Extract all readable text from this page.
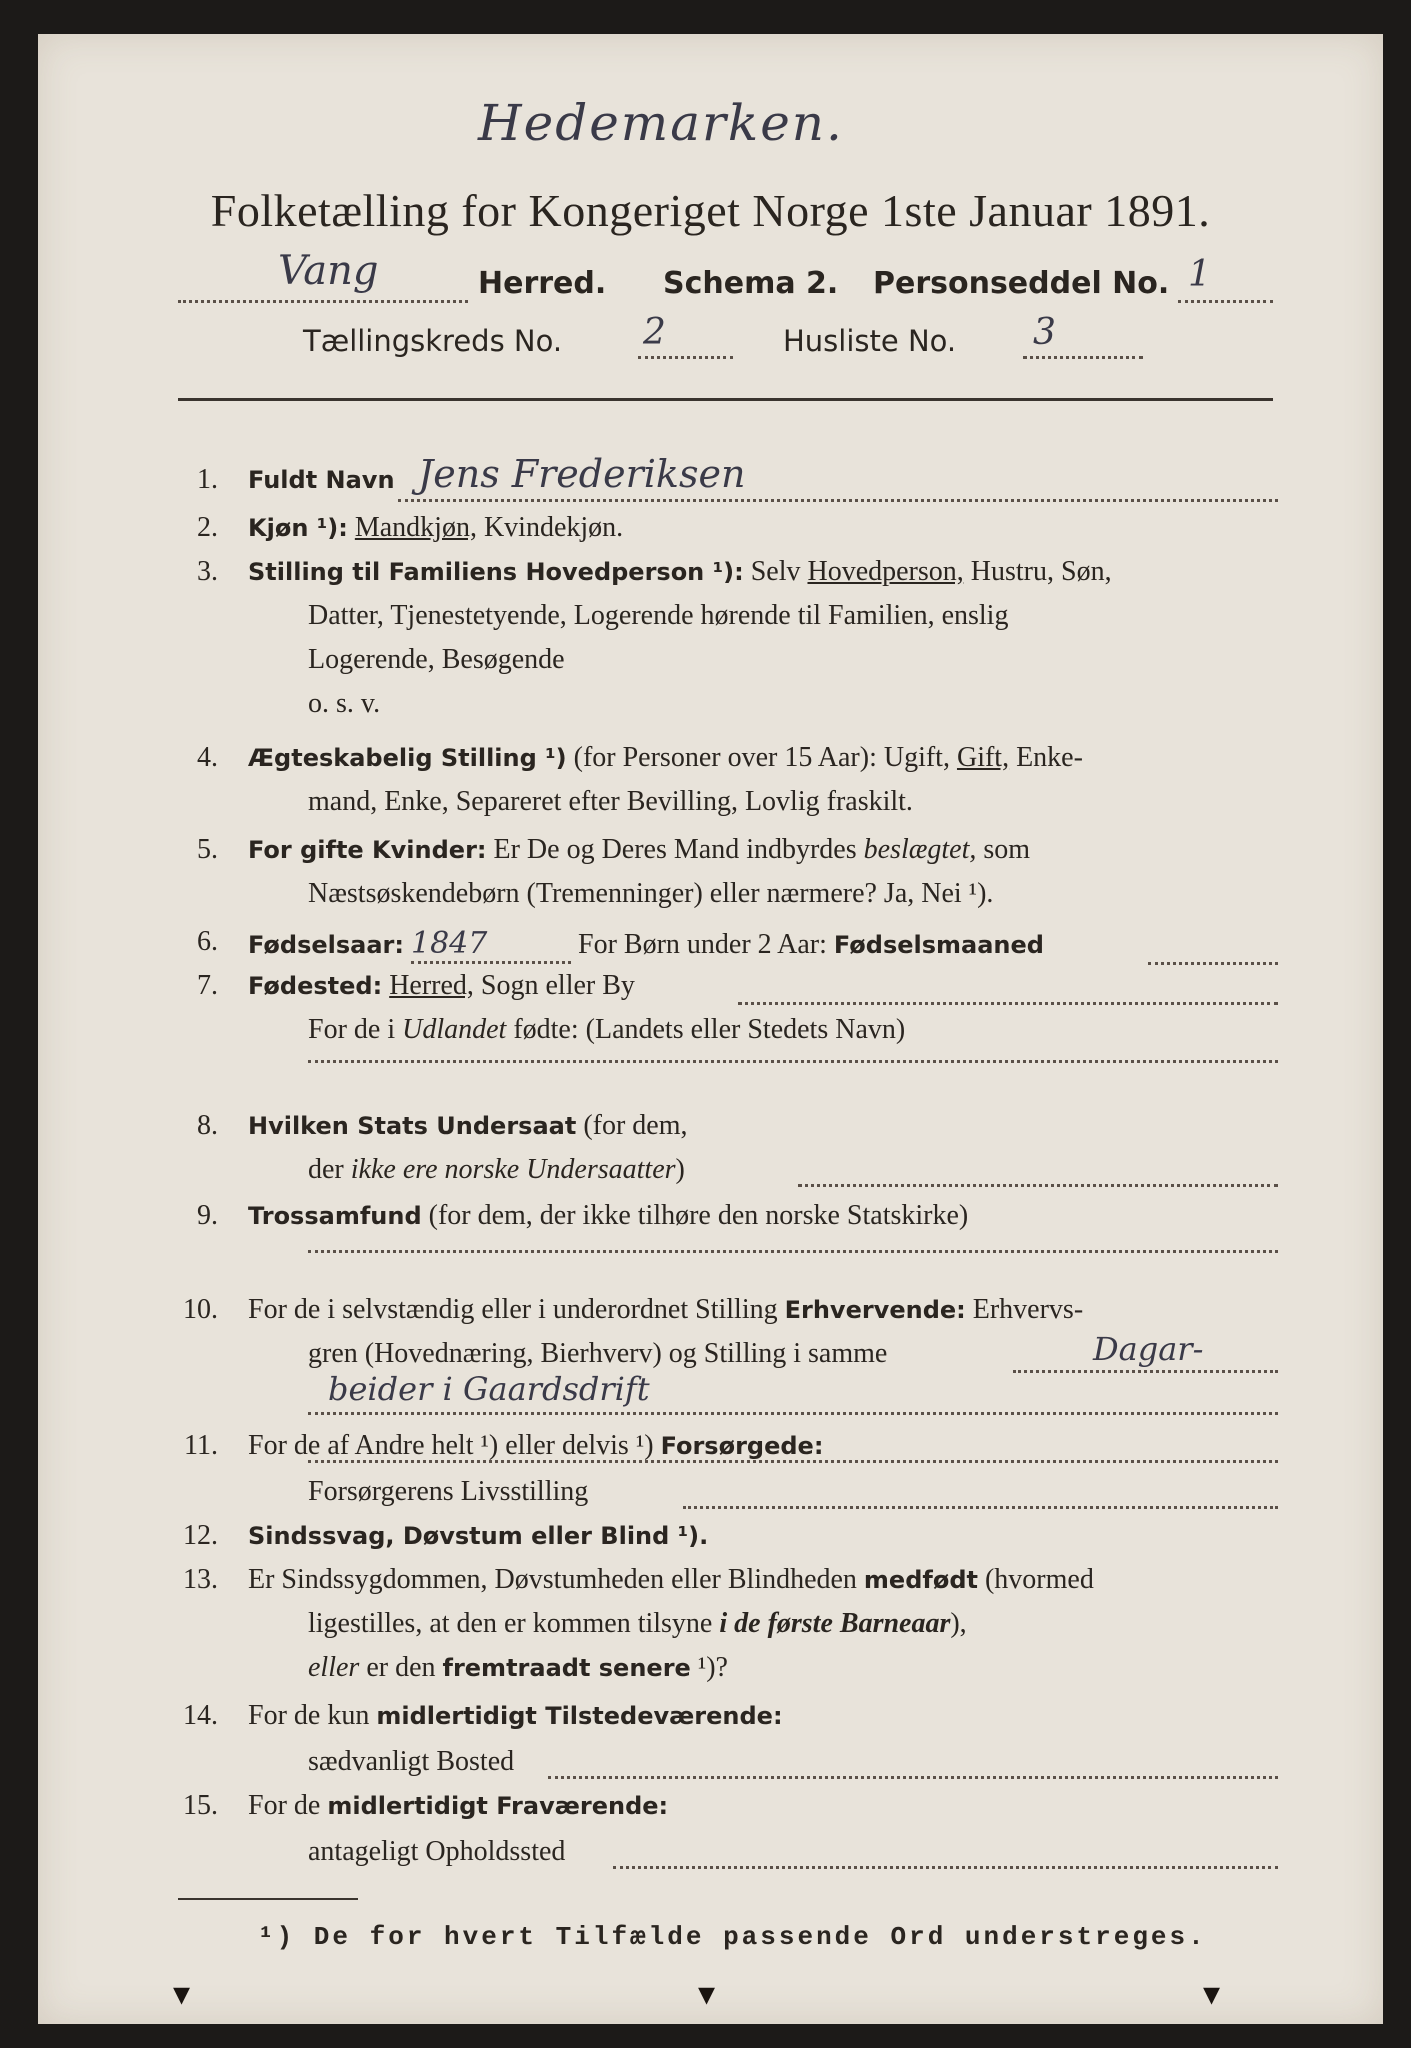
Hedemarken.
Folketælling for Kongeriget Norge 1ste Januar 1891.
Vang	Herred. Schema 2. Personseddel No. 1
Tællingskreds No. 2	Husliste No. 3
1. Fuldt Navn Jens Frederiksen
2. Kjøn ¹): Mandkjøn, Kvindekjøn.
3. Stilling til Familiens Hovedperson ¹): Selv Hovedperson, Hustru, Søn,
Datter, Tjenestetyende, Logerende hørende til Familien, enslig
Logerende, Besøgende
o. s. v.
4. Ægteskabelig Stilling ¹) (for Personer over 15 Aar): Ugift, Gift, Enke-
mand, Enke, Separeret efter Bevilling, Lovlig fraskilt.
5. For gifte Kvinder: Er De og Deres Mand indbyrdes beslægtet, som
Næstsøskendebørn (Tremenninger) eller nærmere? Ja, Nei ¹).
6. Fødselsaar: 1847	For Børn under 2 Aar: Fødselsmaaned
7. Fødested: Herred, Sogn eller By
For de i Udlandet fødte: (Landets eller Stedets Navn)
8. Hvilken Stats Undersaat (for dem,
der ikke ere norske Undersaatter)
9. Trossamfund (for dem, der ikke tilhøre den norske Statskirke)
10. For de i selvstændig eller i underordnet Stilling Erhvervende: Erhvervs-
gren (Hovednæring, Bierhverv) og Stilling i samme	Dagar-
beider i Gaardsdrift
11. For de af Andre helt ¹) eller delvis ¹) Forsørgede:
Forsørgerens Livsstilling
12. Sindssvag, Døvstum eller Blind ¹).
13. Er Sindssygdommen, Døvstumheden eller Blindheden medfødt (hvormed
ligestilles, at den er kommen tilsyne i de første Barneaar),
eller er den fremtraadt senere ¹)?
14. For de kun midlertidigt Tilstedeværende:
sædvanligt Bosted
15. For de midlertidigt Fraværende:
antageligt Opholdssted
¹) De for hvert Tilfælde passende Ord understreges.
▾	▾	▾
